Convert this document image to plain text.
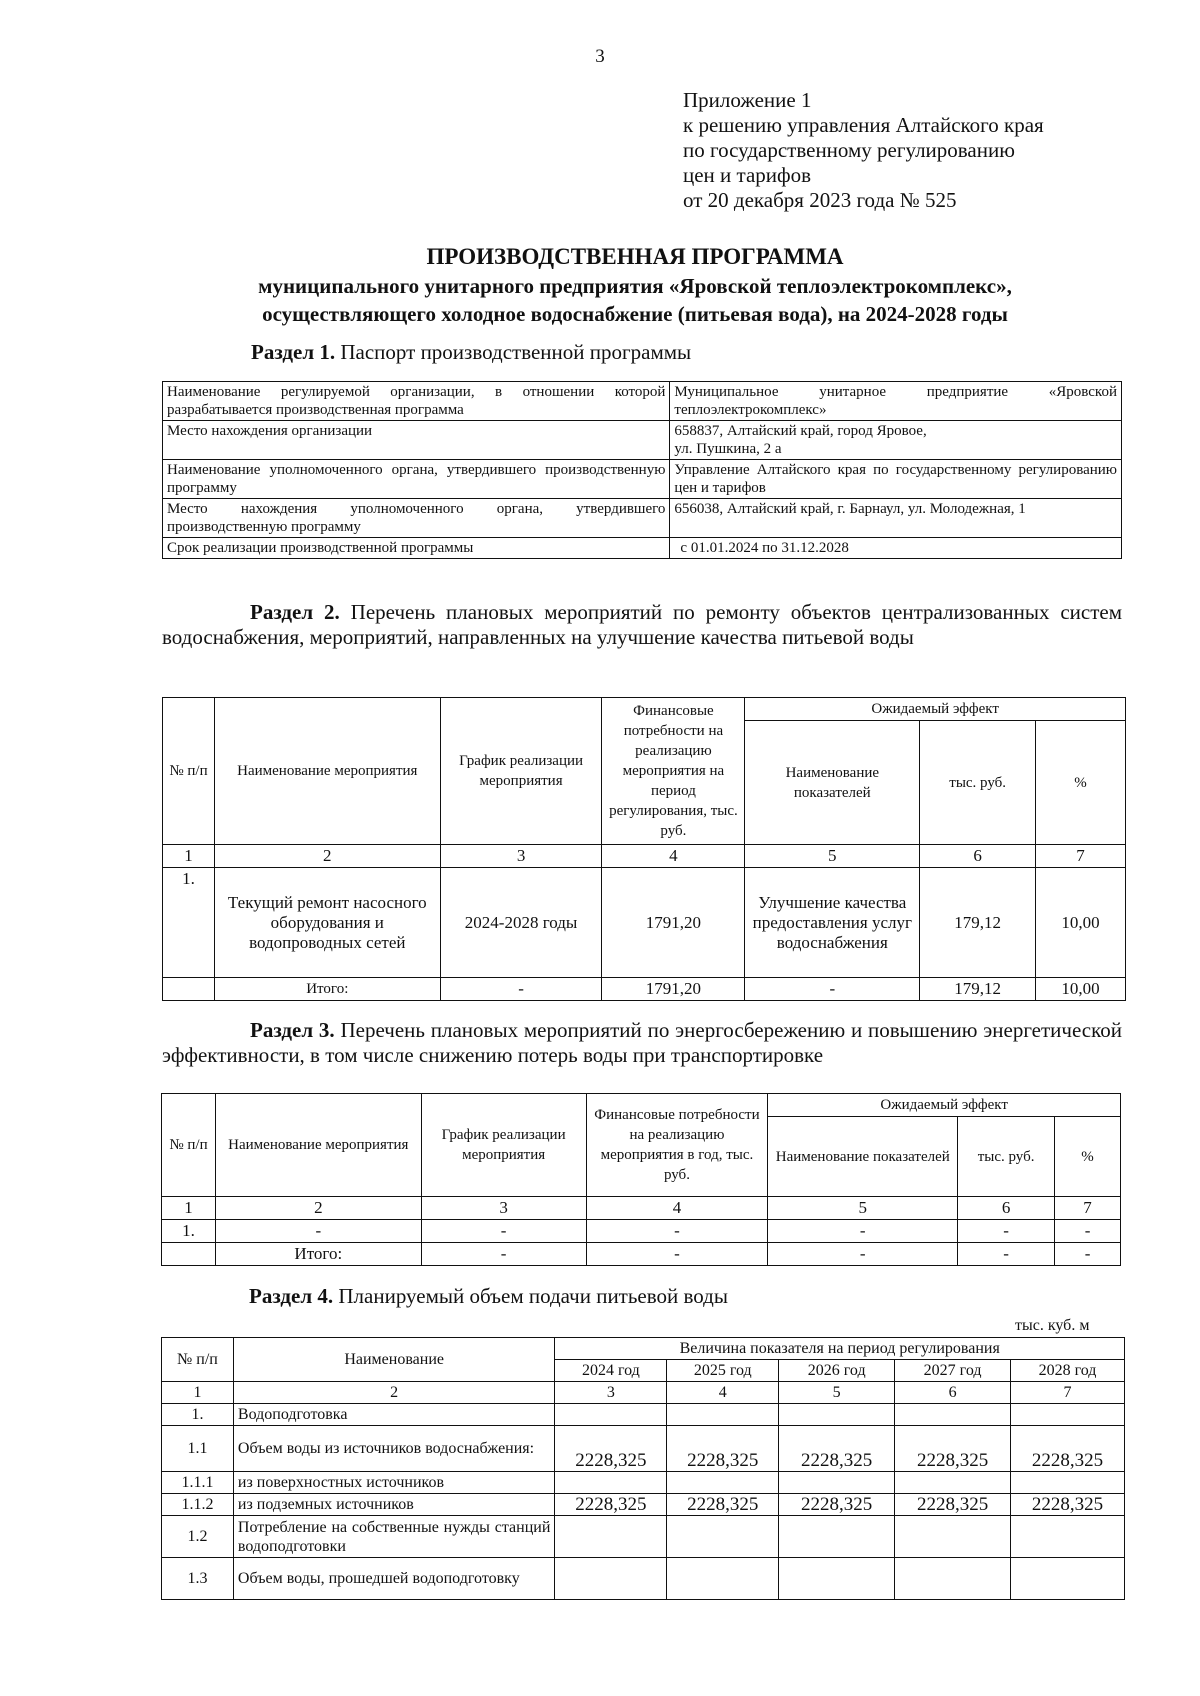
3
Приложение 1
к решению управления Алтайского края
по государственному регулированию
цен и тарифов
от 20 декабря 2023 года № 525
ПРОИЗВОДСТВЕННАЯ ПРОГРАММА
муниципального унитарного предприятия «Яровской теплоэлектрокомплекс»,
осуществляющего холодное водоснабжение (питьевая вода), на 2024-2028 годы
Раздел 1. Паспорт производственной программы
Наименование регулируемой организации, в отношении которой разрабатывается производственная программа	Муниципальное унитарное предприятие «Яровской теплоэлектрокомплекс»
Место нахождения организации	658837, Алтайский край, город Яровое,
ул. Пушкина, 2 а

Наименование уполномоченного органа, утвердившего производственную программу	Управление Алтайского края по государственному регулированию цен и тарифов
Место нахождения уполномоченного органа, утвердившего производственную программу	656038, Алтайский край, г. Барнаул, ул. Молодежная, 1
Срок реализации производственной программы	с 01.01.2024 по 31.12.2028
Раздел 2. Перечень плановых мероприятий по ремонту объектов централизованных систем водоснабжения, мероприятий, направленных на улучшение качества питьевой воды
№ п/п	Наименование мероприятия	График реализации мероприятия	Финансовые потребности на реализацию мероприятия на период регулирования, тыс. руб.	Ожидаемый эффект		
				Наименование показателей	тыс. руб.	%
1	2	3	4	5	6	7
1.	Текущий ремонт насосного оборудования и водопроводных сетей	2024-2028 годы	1791,20	Улучшение качества предоставления услуг водоснабжения	179,12	10,00
	Итого:	-	1791,20	-	179,12	10,00
Раздел 3. Перечень плановых мероприятий по энергосбережению и повышению энергетической эффективности, в том числе снижению потерь воды при транспортировке
№ п/п	Наименование мероприятия	График реализации мероприятия	Финансовые потребности на реализацию мероприятия в год, тыс. руб.	Ожидаемый эффект		
				Наименование показателей	тыс. руб.	%
1	2	3	4	5	6	7
1.	-	-	-	-	-	-
	Итого:	-	-	-	-	-
Раздел 4. Планируемый объем подачи питьевой воды
тыс. куб. м
№ п/п	Наименование	Величина показателя на период регулирования				
		2024 год	2025 год	2026 год	2027 год	2028 год
1	2	3	4	5	6	7
1.	Водоподготовка					
1.1	Объем воды из источников водоснабжения:	2228,325	2228,325	2228,325	2228,325	2228,325
1.1.1	из поверхностных источников					
1.1.2	из подземных источников	2228,325	2228,325	2228,325	2228,325	2228,325
1.2	Потребление на собственные нужды станций водоподготовки					
1.3	Объем воды, прошедшей водоподготовку					
